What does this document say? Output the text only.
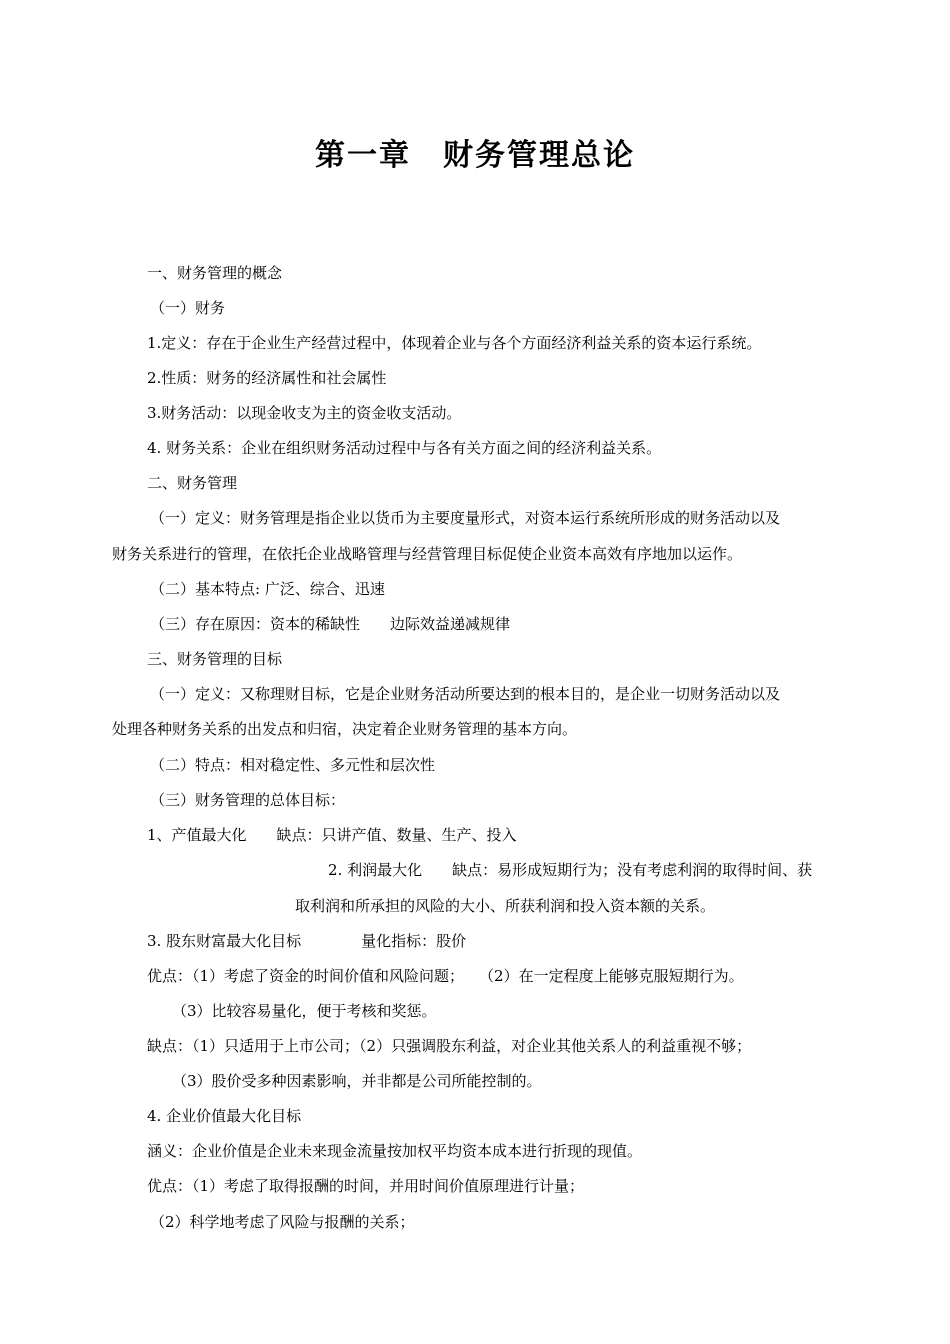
第一章　财务管理总论
一、财务管理的概念
（一）财务
1.定义：存在于企业生产经营过程中，体现着企业与各个方面经济利益关系的资本运行系统。
2.性质：财务的经济属性和社会属性
3.财务活动：以现金收支为主的资金收支活动。
4. 财务关系：企业在组织财务活动过程中与各有关方面之间的经济利益关系。
二、财务管理
（一）定义：财务管理是指企业以货币为主要度量形式，对资本运行系统所形成的财务活动以及
财务关系进行的管理，在依托企业战略管理与经营管理目标促使企业资本高效有序地加以运作。
（二）基本特点: 广泛、综合、迅速
（三）存在原因：资本的稀缺性　　边际效益递减规律
三、财务管理的目标
（一）定义：又称理财目标，它是企业财务活动所要达到的根本目的，是企业一切财务活动以及
处理各种财务关系的出发点和归宿，决定着企业财务管理的基本方向。
（二）特点：相对稳定性、多元性和层次性
（三）财务管理的总体目标：
1、产值最大化　　缺点：只讲产值、数量、生产、投入
2. 利润最大化　　缺点：易形成短期行为；没有考虑利润的取得时间、获
取利润和所承担的风险的大小、所获利润和投入资本额的关系。
3. 股东财富最大化目标　　　　量化指标：股价
优点：（1）考虑了资金的时间价值和风险问题；　　（2）在一定程度上能够克服短期行为。
（3）比较容易量化，便于考核和奖惩。
缺点：（1）只适用于上市公司；（2）只强调股东利益，对企业其他关系人的利益重视不够；
（3）股价受多种因素影响，并非都是公司所能控制的。
4. 企业价值最大化目标
涵义：企业价值是企业未来现金流量按加权平均资本成本进行折现的现值。
优点：（1）考虑了取得报酬的时间，并用时间价值原理进行计量；
（2）科学地考虑了风险与报酬的关系；
